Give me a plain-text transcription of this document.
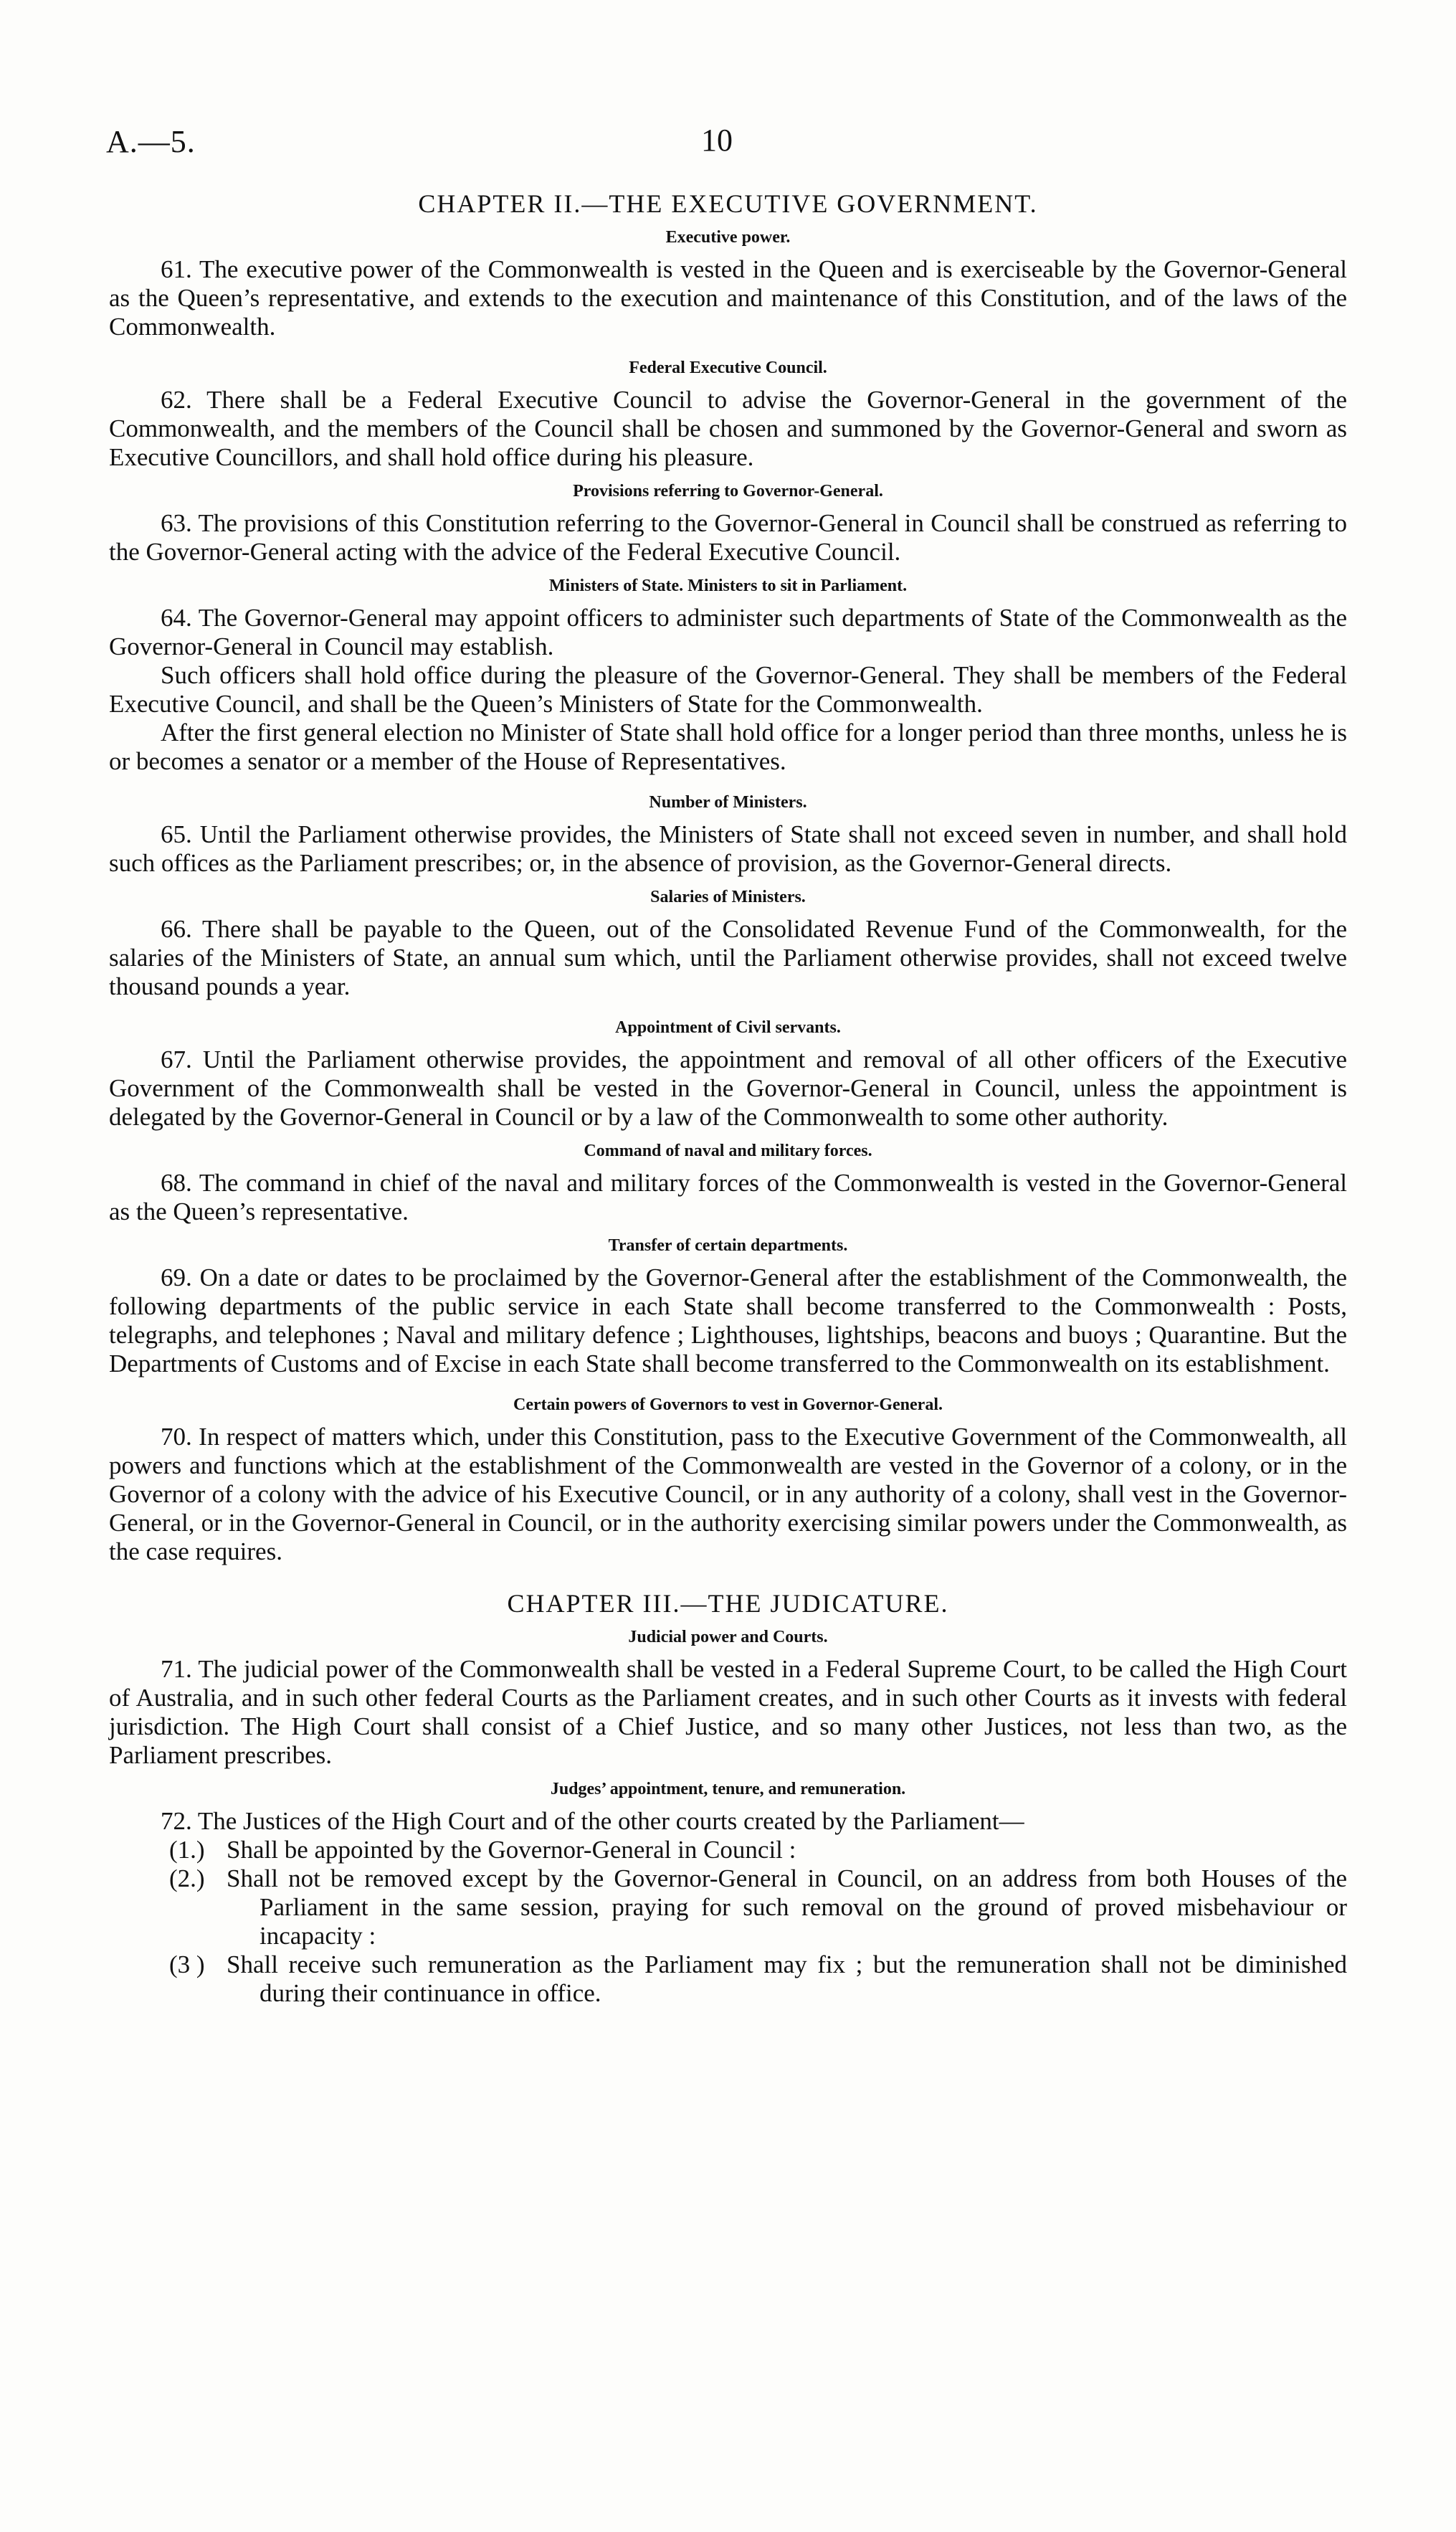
A.—5.	10
CHAPTER II.—THE EXECUTIVE GOVERNMENT.
Executive power.

61. The executive power of the Commonwealth is vested in the Queen and is exerciseable by the Governor-General as the Queen’s representative, and extends to the execution and maintenance of this Constitution, and of the laws of the Commonwealth.

Federal Executive Council.

62. There shall be a Federal Executive Council to advise the Governor-General in the government of the Commonwealth, and the members of the Council shall be chosen and summoned by the Governor-General and sworn as Executive Councillors, and shall hold office during his pleasure.

Provisions referring to Governor-General.

63. The provisions of this Constitution referring to the Governor-General in Council shall be construed as referring to the Governor-General acting with the advice of the Federal Executive Council.

Ministers of State. Ministers to sit in Parliament.

64. The Governor-General may appoint officers to administer such departments of State of the Commonwealth as the Governor-General in Council may establish.

Such officers shall hold office during the pleasure of the Governor-General. They shall be members of the Federal Executive Council, and shall be the Queen’s Ministers of State for the Commonwealth.

After the first general election no Minister of State shall hold office for a longer period than three months, unless he is or becomes a senator or a member of the House of Representatives.

Number of Ministers.

65. Until the Parliament otherwise provides, the Ministers of State shall not exceed seven in number, and shall hold such offices as the Parliament prescribes; or, in the absence of provision, as the Governor-General directs.

Salaries of Ministers.

66. There shall be payable to the Queen, out of the Consolidated Revenue Fund of the Commonwealth, for the salaries of the Ministers of State, an annual sum which, until the Parliament otherwise provides, shall not exceed twelve thousand pounds a year.

Appointment of Civil servants.

67. Until the Parliament otherwise provides, the appointment and removal of all other officers of the Executive Government of the Commonwealth shall be vested in the Governor-General in Council, unless the appointment is delegated by the Governor-General in Council or by a law of the Commonwealth to some other authority.

Command of naval and military forces.

68. The command in chief of the naval and military forces of the Commonwealth is vested in the Governor-General as the Queen’s representative.

Transfer of certain departments.

69. On a date or dates to be proclaimed by the Governor-General after the establishment of the Commonwealth, the following departments of the public service in each State shall become transferred to the Commonwealth : Posts, telegraphs, and telephones ; Naval and military defence ; Lighthouses, lightships, beacons and buoys ; Quarantine. But the Departments of Customs and of Excise in each State shall become transferred to the Commonwealth on its establishment.

Certain powers of Governors to vest in Governor-General.

70. In respect of matters which, under this Constitution, pass to the Executive Government of the Commonwealth, all powers and functions which at the establishment of the Commonwealth are vested in the Governor of a colony, or in the Governor of a colony with the advice of his Executive Council, or in any authority of a colony, shall vest in the Governor-General, or in the Governor-General in Council, or in the authority exercising similar powers under the Commonwealth, as the case requires.

CHAPTER III.—THE JUDICATURE.
Judicial power and Courts.

71. The judicial power of the Commonwealth shall be vested in a Federal Supreme Court, to be called the High Court of Australia, and in such other federal Courts as the Parliament creates, and in such other Courts as it invests with federal jurisdiction. The High Court shall consist of a Chief Justice, and so many other Justices, not less than two, as the Parliament prescribes.

Judges’ appointment, tenure, and remuneration.

72. The Justices of the High Court and of the other courts created by the Parliament—

(1.) Shall be appointed by the Governor-General in Council :

(2.) Shall not be removed except by the Governor-General in Council, on an address from both Houses of the Parliament in the same session, praying for such removal on the ground of proved misbehaviour or incapacity :

(3 ) Shall receive such remuneration as the Parliament may fix ; but the remuneration shall not be diminished during their continuance in office.
